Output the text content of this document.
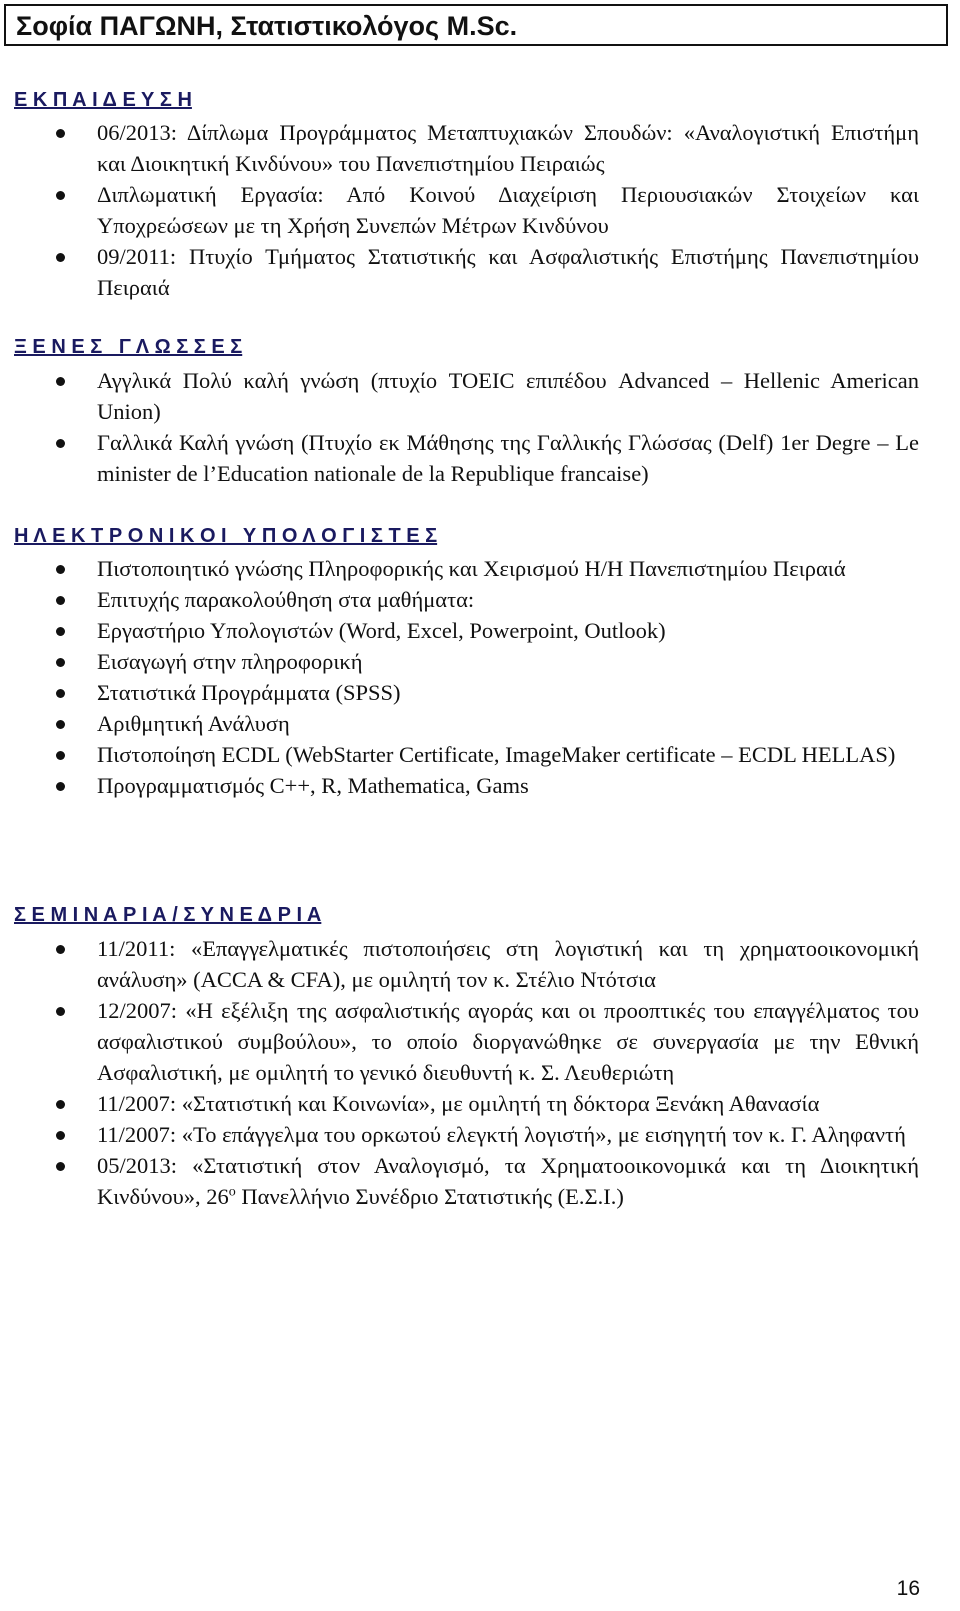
Σοφία ΠΑΓΩΝΗ, Στατιστικολόγος M.Sc.
Ε Κ Π Α Ι Δ Ε Υ Σ Η
06/2013: Δίπλωμα Προγράμματος Μεταπτυχιακών Σπουδών: «Αναλογιστική Επιστήμη και Διοικητική Κινδύνου» του Πανεπιστημίου Πειραιώς
Διπλωματική Εργασία: Από Κοινού Διαχείριση Περιουσιακών Στοιχείων και Υποχρεώσεων με τη Χρήση Συνεπών Μέτρων Κινδύνου
09/2011: Πτυχίο Τμήματος Στατιστικής και Ασφαλιστικής Επιστήμης Πανεπιστημίου Πειραιά
Ξ Ε Ν Ε Σ   Γ Λ Ω Σ Σ Ε Σ
Αγγλικά Πολύ καλή γνώση (πτυχίο TOEIC επιπέδου Advanced – Hellenic American Union)
Γαλλικά Καλή γνώση (Πτυχίο εκ Μάθησης της Γαλλικής Γλώσσας (Delf) 1er Degre – Le minister de l’Education nationale de la Republique francaise)
Η Λ Ε Κ Τ Ρ Ο Ν Ι Κ Ο Ι   Υ Π Ο Λ Ο Γ Ι Σ Τ Ε Σ
Πιστοποιητικό γνώσης Πληροφορικής και Χειρισμού Η/Η Πανεπιστημίου Πειραιά
Επιτυχής παρακολούθηση στα μαθήματα:
Εργαστήριο Υπολογιστών (Word, Excel, Powerpoint, Outlook)
Εισαγωγή στην πληροφορική
Στατιστικά Προγράμματα (SPSS)
Αριθμητική Ανάλυση
Πιστοποίηση ECDL (WebStarter Certificate, ImageMaker certificate – ECDL HELLAS)
Προγραμματισμός C++, R, Mathematica, Gams
Σ Ε Μ Ι Ν Α Ρ Ι Α / Σ Υ Ν Ε Δ Ρ Ι Α
11/2011: «Επαγγελματικές πιστοποιήσεις στη λογιστική και τη χρηματοοικονομική ανάλυση» (ACCA & CFA), με ομιλητή τον κ. Στέλιο Ντότσια
12/2007: «Η εξέλιξη της ασφαλιστικής αγοράς και οι προοπτικές του επαγγέλματος του ασφαλιστικού συμβούλου», το οποίο διοργανώθηκε σε συνεργασία με την Εθνική Ασφαλιστική, με ομιλητή το γενικό διευθυντή κ. Σ. Λευθεριώτη
11/2007: «Στατιστική και Κοινωνία», με ομιλητή τη δόκτορα Ξενάκη Αθανασία
11/2007: «Το επάγγελμα του ορκωτού ελεγκτή λογιστή», με εισηγητή τον κ. Γ. Αληφαντή
05/2013: «Στατιστική στον Αναλογισμό, τα Χρηματοοικονομικά και τη Διοικητική Κινδύνου», $26^o$ Πανελλήνιο Συνέδριο Στατιστικής (Ε.Σ.Ι.)
16
